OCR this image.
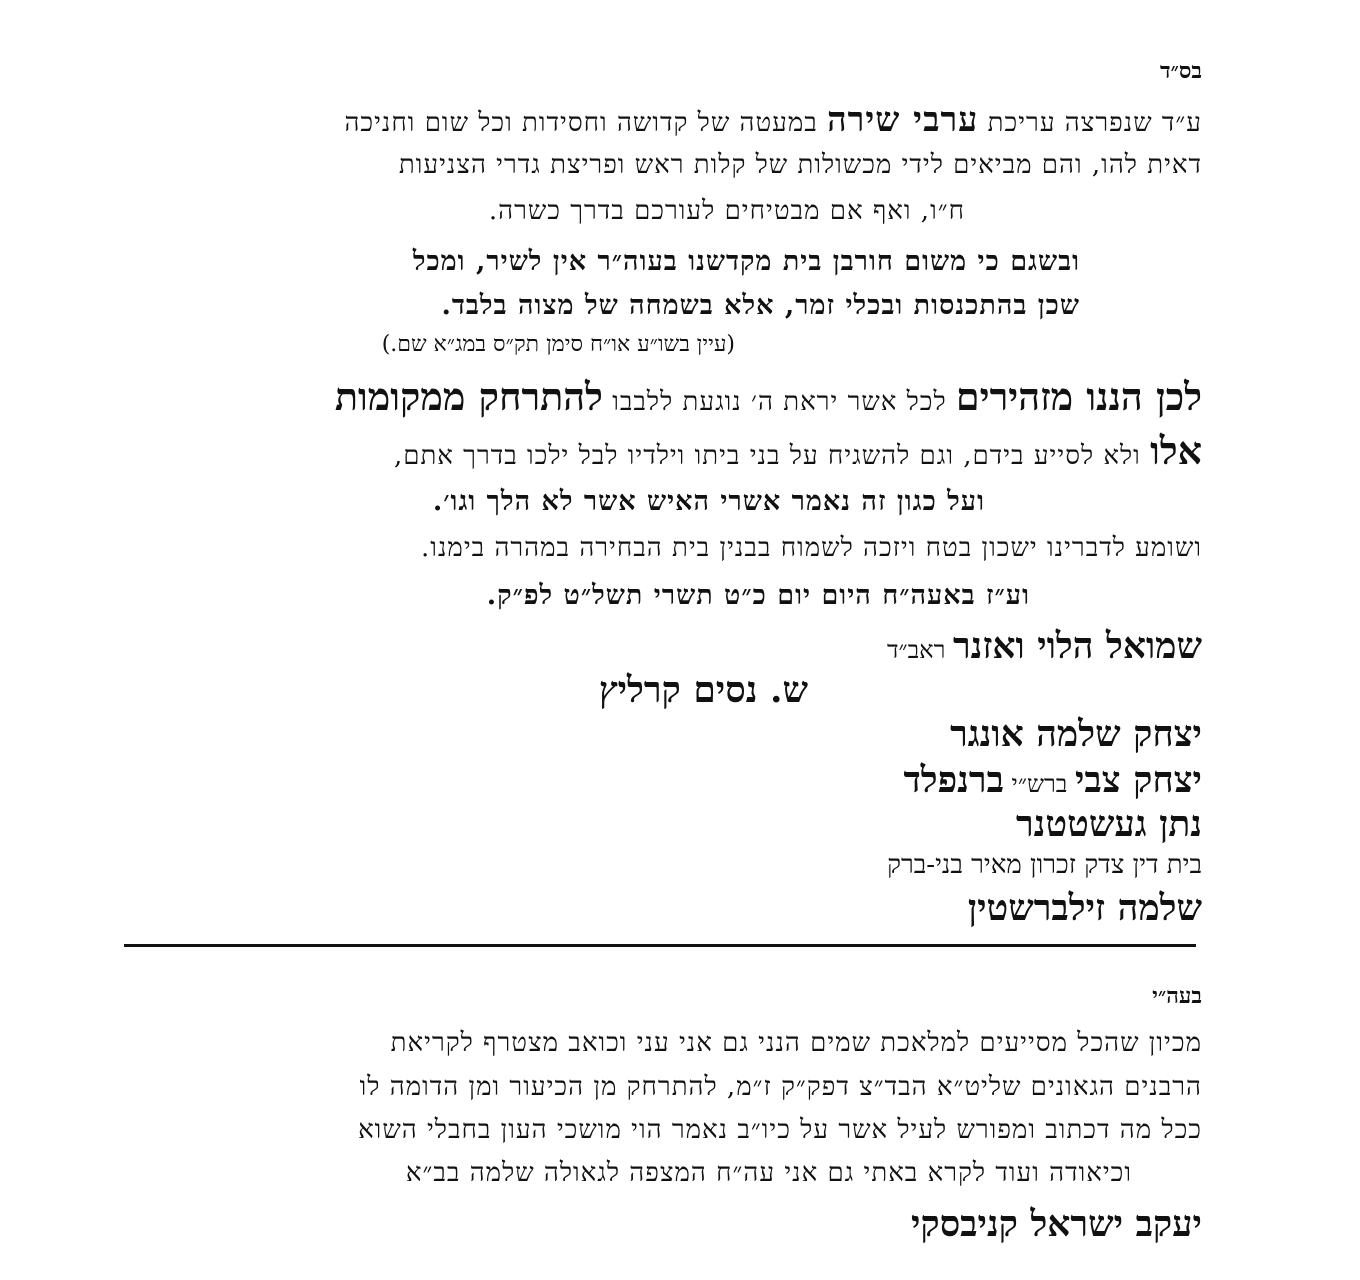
בס״ד
ע״ד שנפרצה עריכת ערבי שירה במעטה של קדושה וחסידות וכל שום וחניכה
דאית להו, והם מביאים לידי מכשולות של קלות ראש ופריצת גדרי הצניעות
ח״ו, ואף אם מבטיחים לעורכם בדרך כשרה.
ובשגם כי משום חורבן בית מקדשנו בעוה״ר אין לשיר, ומכל
שכן בהתכנסות ובכלי זמר, אלא בשמחה של מצוה בלבד.
(עיין בשו״ע או״ח סימן תק״ס במג״א שם.)
לכן הננו מזהירים לכל אשר יראת ה׳ נוגעת ללבבו להתרחק ממקומות
אלו ולא לסייע בידם, וגם להשגיח על בני ביתו וילדיו לבל ילכו בדרך אתם,
ועל כגון זה נאמר אשרי האיש אשר לא הלך וגו׳.
ושומע לדברינו ישכון בטח ויזכה לשמוח בבנין בית הבחירה במהרה בימנו.
וע״ז באעה״ח היום יום כ״ט תשרי תשל״ט לפ״ק.
שמואל הלוי ואזנר ראב״ד
ש. נסים קרליץ
יצחק שלמה אונגר
יצחק צבי ברש״י ברנפלד
נתן געשטטנר
בית דין צדק זכרון מאיר בני-ברק
שלמה זילברשטין
בעה״י
מכיון שהכל מסייעים למלאכת שמים הנני גם אני עני וכואב מצטרף לקריאת
הרבנים הגאונים שליט״א הבד״צ דפק״ק ז״מ, להתרחק מן הכיעור ומן הדומה לו
ככל מה דכתוב ומפורש לעיל אשר על כיו״ב נאמר הוי מושכי העון בחבלי השוא
וכיאודה ועוד לקרא באתי גם אני עה״ח המצפה לגאולה שלמה בב״א
יעקב ישראל קניבסקי
